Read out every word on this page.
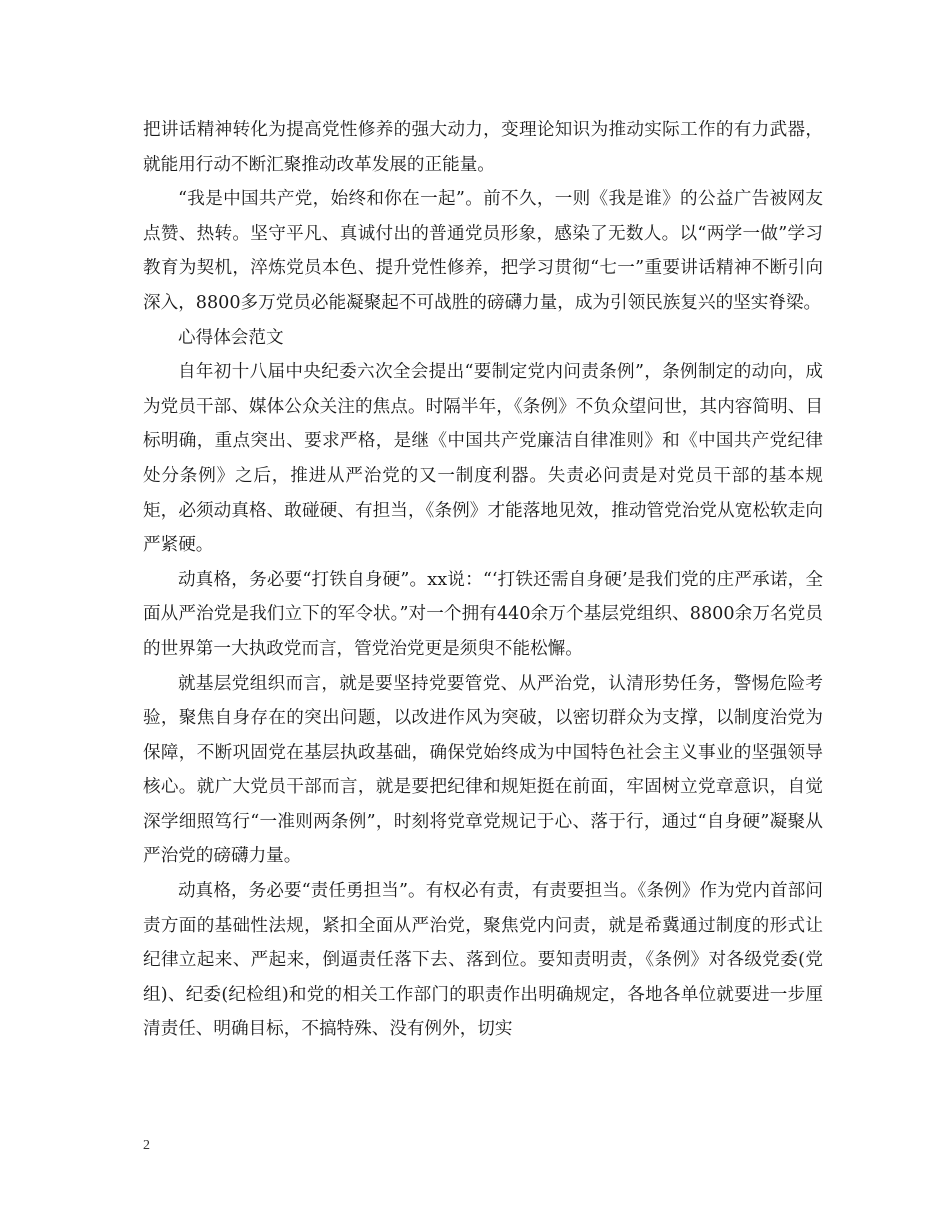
把讲话精神转化为提高党性修养的强大动力，变理论知识为推动实际工作的有力武器，就能用行动不断汇聚推动改革发展的正能量。

“我是中国共产党，始终和你在一起”。前不久，一则《我是谁》的公益广告被网友点赞、热转。坚守平凡、真诚付出的普通党员形象，感染了无数人。以“两学一做”学习教育为契机，淬炼党员本色、提升党性修养，把学习贯彻“七一”重要讲话精神不断引向深入，8800多万党员必能凝聚起不可战胜的磅礴力量，成为引领民族复兴的坚实脊梁。

心得体会范文

自年初十八届中央纪委六次全会提出“要制定党内问责条例”，条例制定的动向，成为党员干部、媒体公众关注的焦点。时隔半年，《条例》不负众望问世，其内容简明、目标明确，重点突出、要求严格，是继《中国共产党廉洁自律准则》和《中国共产党纪律处分条例》之后，推进从严治党的又一制度利器。失责必问责是对党员干部的基本规矩，必须动真格、敢碰硬、有担当，《条例》才能落地见效，推动管党治党从宽松软走向严紧硬。

动真格，务必要“打铁自身硬”。xx说：“‘打铁还需自身硬’是我们党的庄严承诺，全面从严治党是我们立下的军令状。”对一个拥有440余万个基层党组织、8800余万名党员的世界第一大执政党而言，管党治党更是须臾不能松懈。

就基层党组织而言，就是要坚持党要管党、从严治党，认清形势任务，警惕危险考验，聚焦自身存在的突出问题，以改进作风为突破，以密切群众为支撑，以制度治党为保障，不断巩固党在基层执政基础，确保党始终成为中国特色社会主义事业的坚强领导核心。就广大党员干部而言，就是要把纪律和规矩挺在前面，牢固树立党章意识，自觉深学细照笃行“一准则两条例”，时刻将党章党规记于心、落于行，通过“自身硬”凝聚从严治党的磅礴力量。

动真格，务必要“责任勇担当”。有权必有责，有责要担当。《条例》作为党内首部问责方面的基础性法规，紧扣全面从严治党，聚焦党内问责，就是希冀通过制度的形式让纪律立起来、严起来，倒逼责任落下去、落到位。要知责明责，《条例》对各级党委(党组)、纪委(纪检组)和党的相关工作部门的职责作出明确规定，各地各单位就要进一步厘清责任、明确目标，不搞特殊、没有例外，切实

2
